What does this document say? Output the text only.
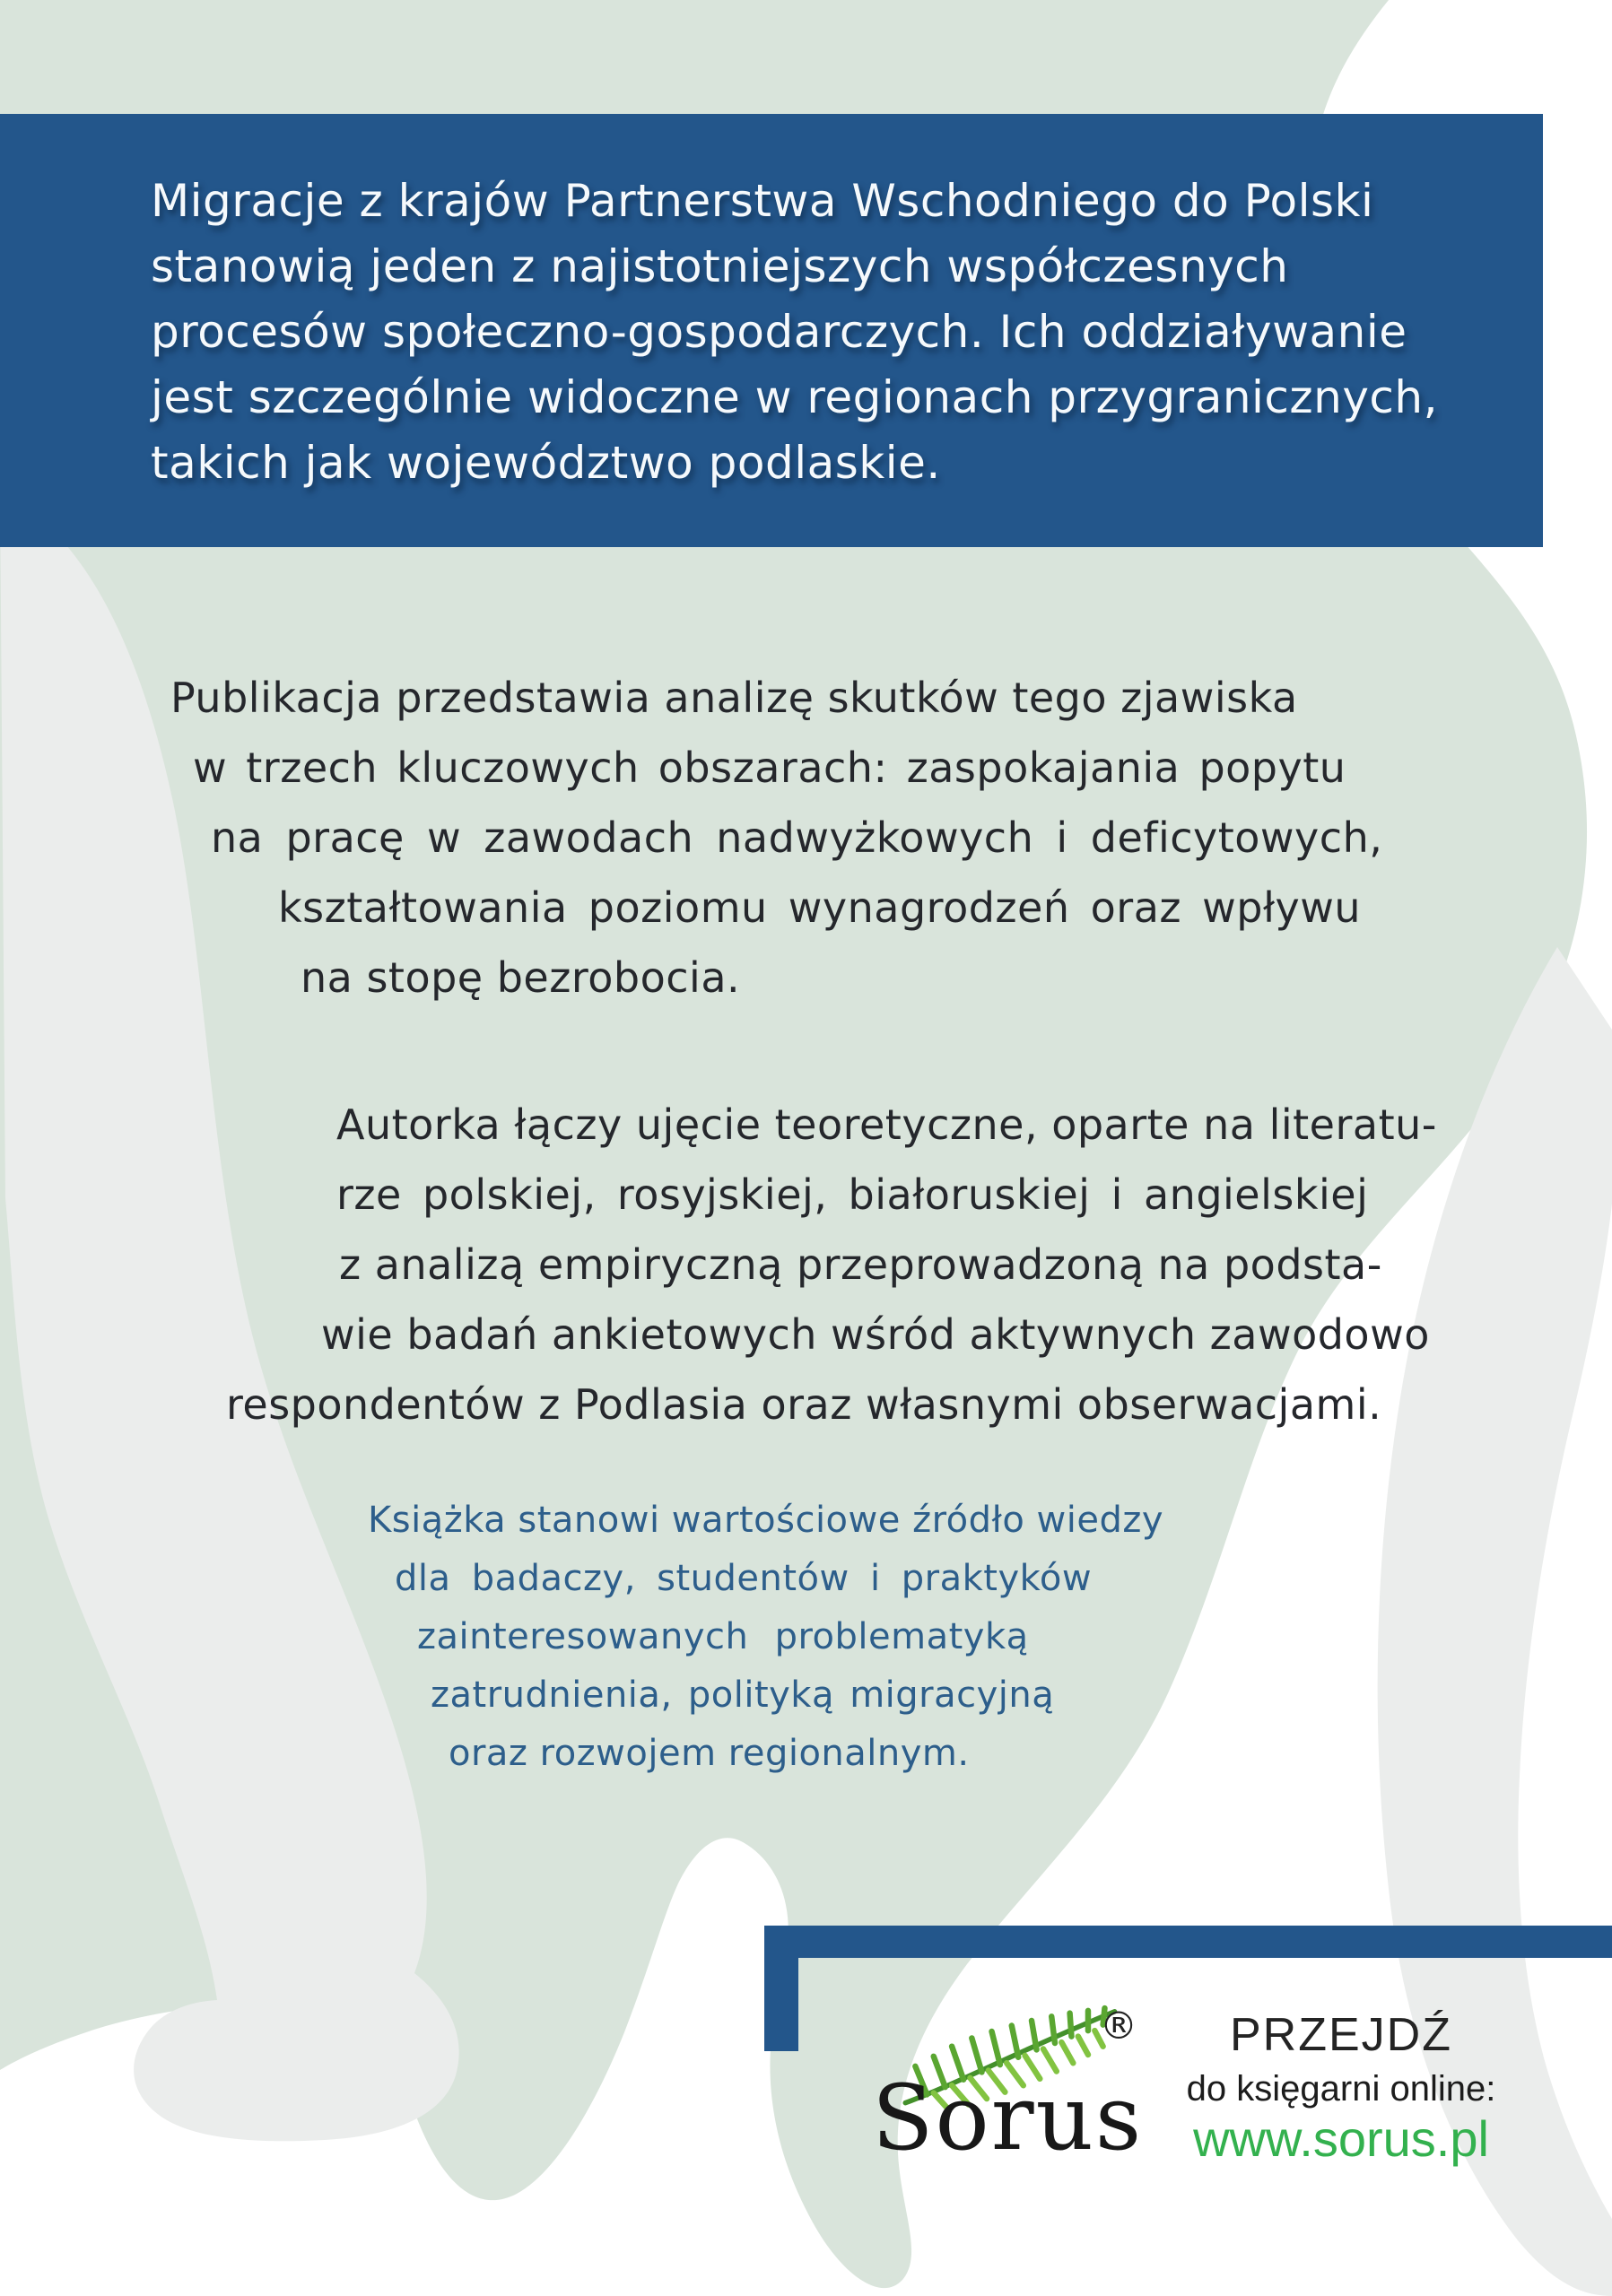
Migracje z krajów Partnerstwa Wschodniego do Polski
stanowią jeden z najistotniejszych współczesnych
procesów społeczno-gospodarczych. Ich oddziaływanie
jest szczególnie widoczne w regionach przygranicznych,
takich jak województwo podlaskie.
Publikacja przedstawia analizę skutków tego zjawiska
w trzech kluczowych obszarach: zaspokajania popytu
na pracę w zawodach nadwyżkowych i deficytowych,
kształtowania poziomu wynagrodzeń oraz wpływu
na stopę bezrobocia.
Autorka łączy ujęcie teoretyczne, oparte na literatu-
rze polskiej, rosyjskiej, białoruskiej i angielskiej
z analizą empiryczną przeprowadzoną na podsta-
wie badań ankietowych wśród aktywnych zawodowo
respondentów z Podlasia oraz własnymi obserwacjami.
Książka stanowi wartościowe źródło wiedzy
dla badaczy, studentów i praktyków
zainteresowanych problematyką
zatrudnienia, polityką migracyjną
oraz rozwojem regionalnym.
Sorus
®	PRZEJDŹ
do księgarni online:
www.sorus.pl
